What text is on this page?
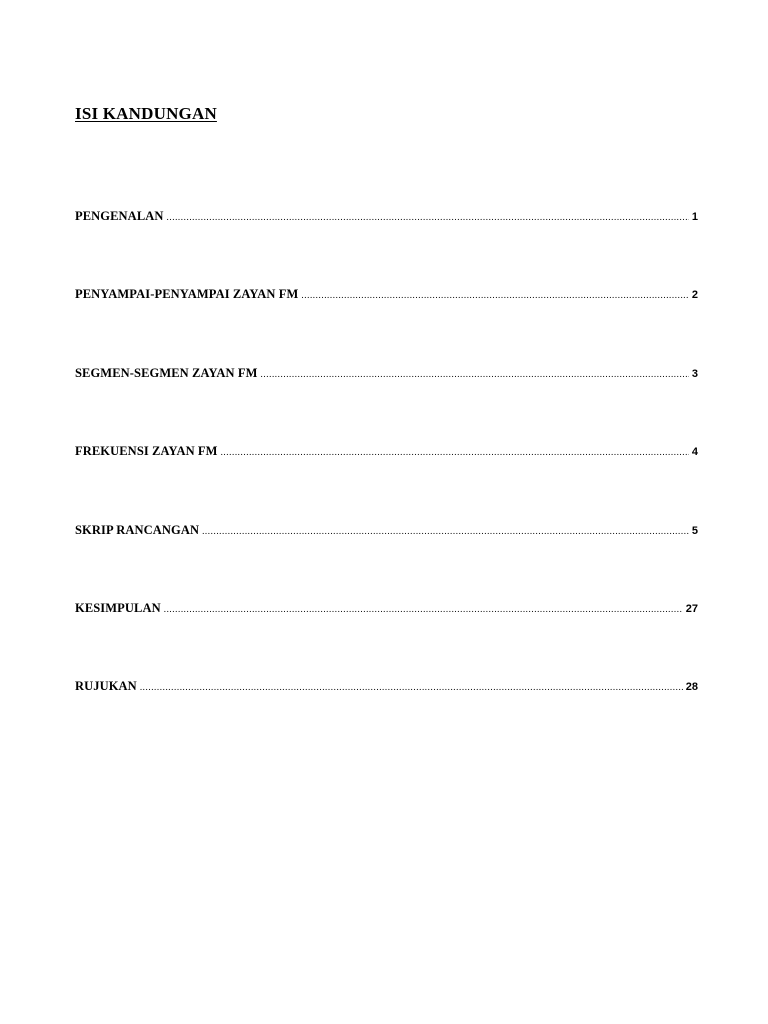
ISI KANDUNGAN
PENGENALAN .....	1
PENYAMPAI-PENYAMPAI ZAYAN FM .....	2
SEGMEN-SEGMEN ZAYAN FM .....	3
FREKUENSI ZAYAN FM .....	4
SKRIP RANCANGAN .....	5
KESIMPULAN .....	27
RUJUKAN .....	28
